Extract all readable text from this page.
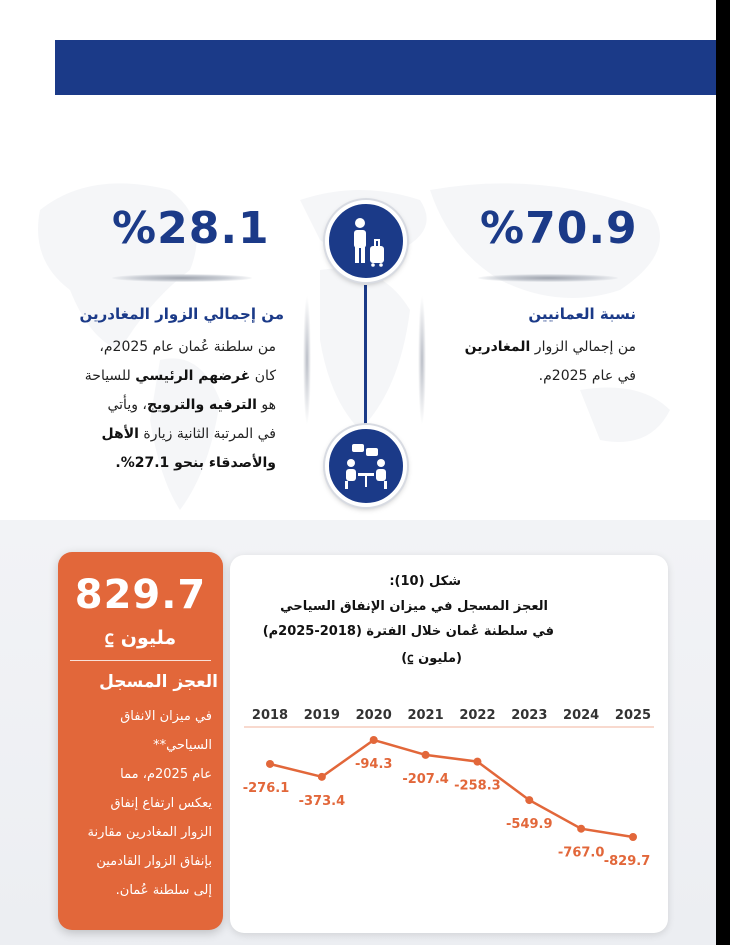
%70.9
نسبة العمانيين
من إجمالي الزوار المغادرين
في عام 2025م.
%28.1
من إجمالي الزوار المغادرين
من سلطنة عُمان عام 2025م،
كان غرضهم الرئيسي للسياحة
هو الترفيه والترويج، ويأتي
في المرتبة الثانية زيارة الأهل
والأصدقاء بنحو 27.1%.
829.7
مليون ⃀
العجز المسجل
في ميزان الانفاق
السياحي**
عام 2025م، مما
يعكس ارتفاع إنفاق
الزوار المغادرين مقارنة
بإنفاق الزوار القادمين
إلى سلطنة عُمان.
شكل (10):
العجز المسجل في ميزان الإنفاق السياحي
في سلطنة عُمان خلال الفترة (2018-2025م)
(مليون ⃀)
2018 2019 2020 2021 2022 2023 2024 2025
-276.1
-373.4
-94.3
-207.4 -258.3
-549.9
-767.0
-829.7
